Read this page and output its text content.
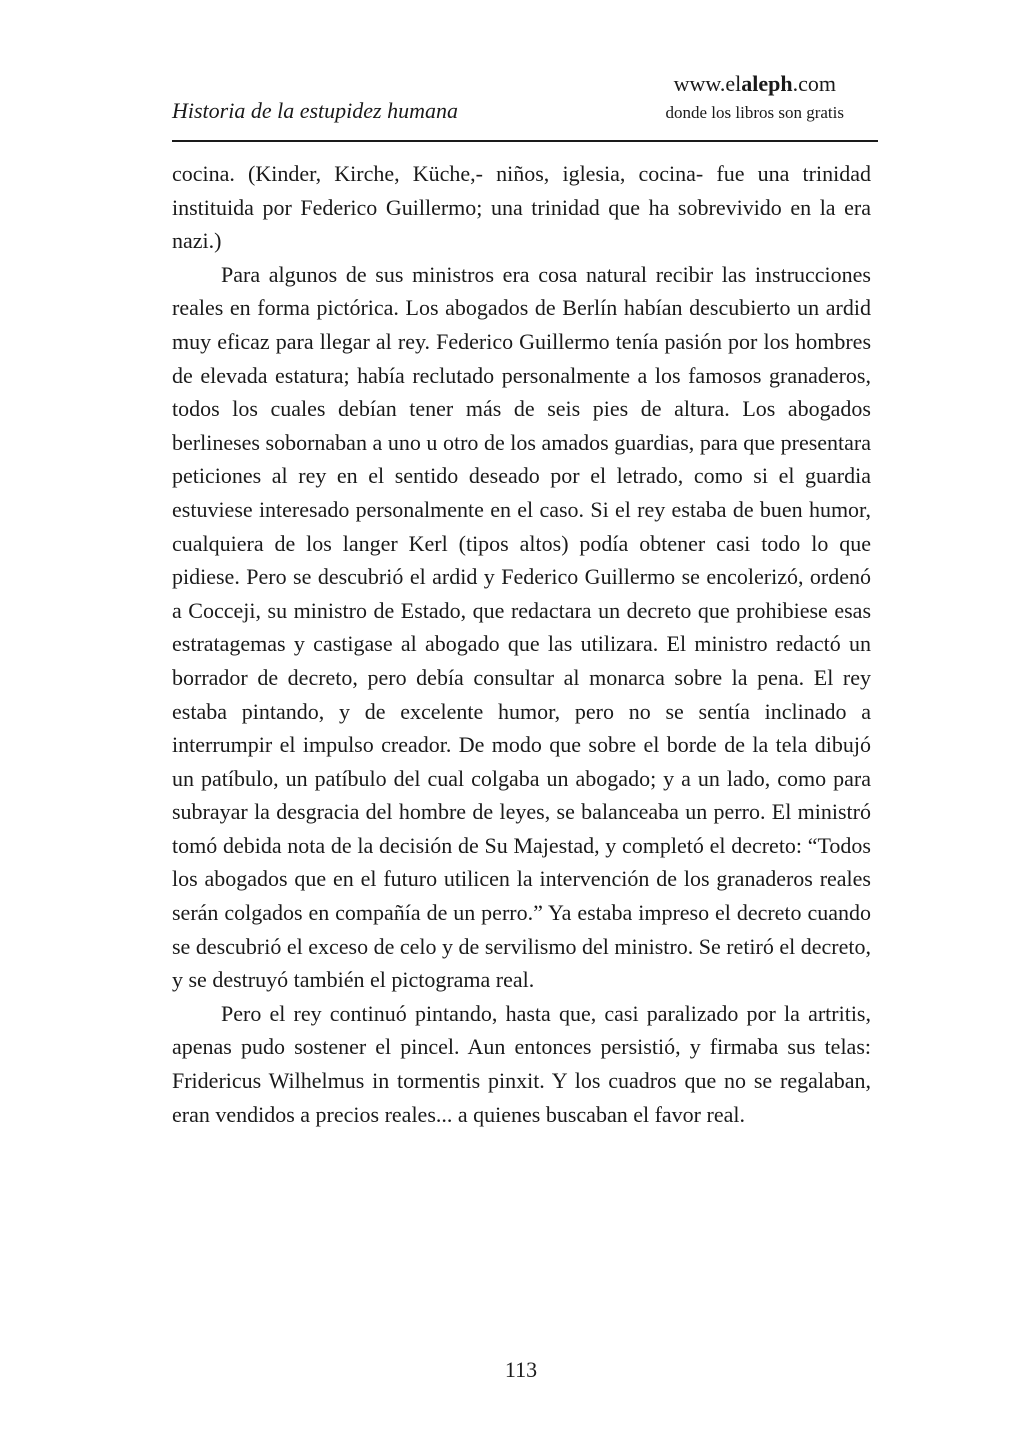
Historia de la estupidez humana
www.elaleph.com
donde los libros son gratis

cocina. (Kinder, Kirche, Küche,- niños, iglesia, cocina- fue una trinidad instituida por Federico Guillermo; una trinidad que ha sobrevivido en la era nazi.)

Para algunos de sus ministros era cosa natural recibir las instrucciones reales en forma pictórica. Los abogados de Berlín habían descubierto un ardid muy eficaz para llegar al rey. Federico Guillermo tenía pasión por los hombres de elevada estatura; había reclutado personalmente a los famosos granaderos, todos los cuales debían tener más de seis pies de altura. Los abogados berlineses sobornaban a uno u otro de los amados guardias, para que presentara peticiones al rey en el sentido deseado por el letrado, como si el guardia estuviese interesado personalmente en el caso. Si el rey estaba de buen humor, cualquiera de los langer Kerl (tipos altos) podía obtener casi todo lo que pidiese. Pero se descubrió el ardid y Federico Guillermo se encolerizó, ordenó a Cocceji, su ministro de Estado, que redactara un decreto que prohibiese esas estratagemas y castigase al abogado que las utilizara. El ministro redactó un borrador de decreto, pero debía consultar al monarca sobre la pena. El rey estaba pintando, y de excelente humor, pero no se sentía inclinado a interrumpir el impulso creador. De modo que sobre el borde de la tela dibujó un patíbulo, un patíbulo del cual colgaba un abogado; y a un lado, como para subrayar la desgracia del hombre de leyes, se balanceaba un perro. El ministró tomó debida nota de la decisión de Su Majestad, y completó el decreto: “Todos los abogados que en el futuro utilicen la intervención de los granaderos reales serán colgados en compañía de un perro.” Ya estaba impreso el decreto cuando se descubrió el exceso de celo y de servilismo del ministro. Se retiró el decreto, y se destruyó también el pictograma real.

Pero el rey continuó pintando, hasta que, casi paralizado por la artritis, apenas pudo sostener el pincel. Aun entonces persistió, y firmaba sus telas: Fridericus Wilhelmus in tormentis pinxit. Y los cuadros que no se regalaban, eran vendidos a precios reales... a quienes buscaban el favor real.

113
